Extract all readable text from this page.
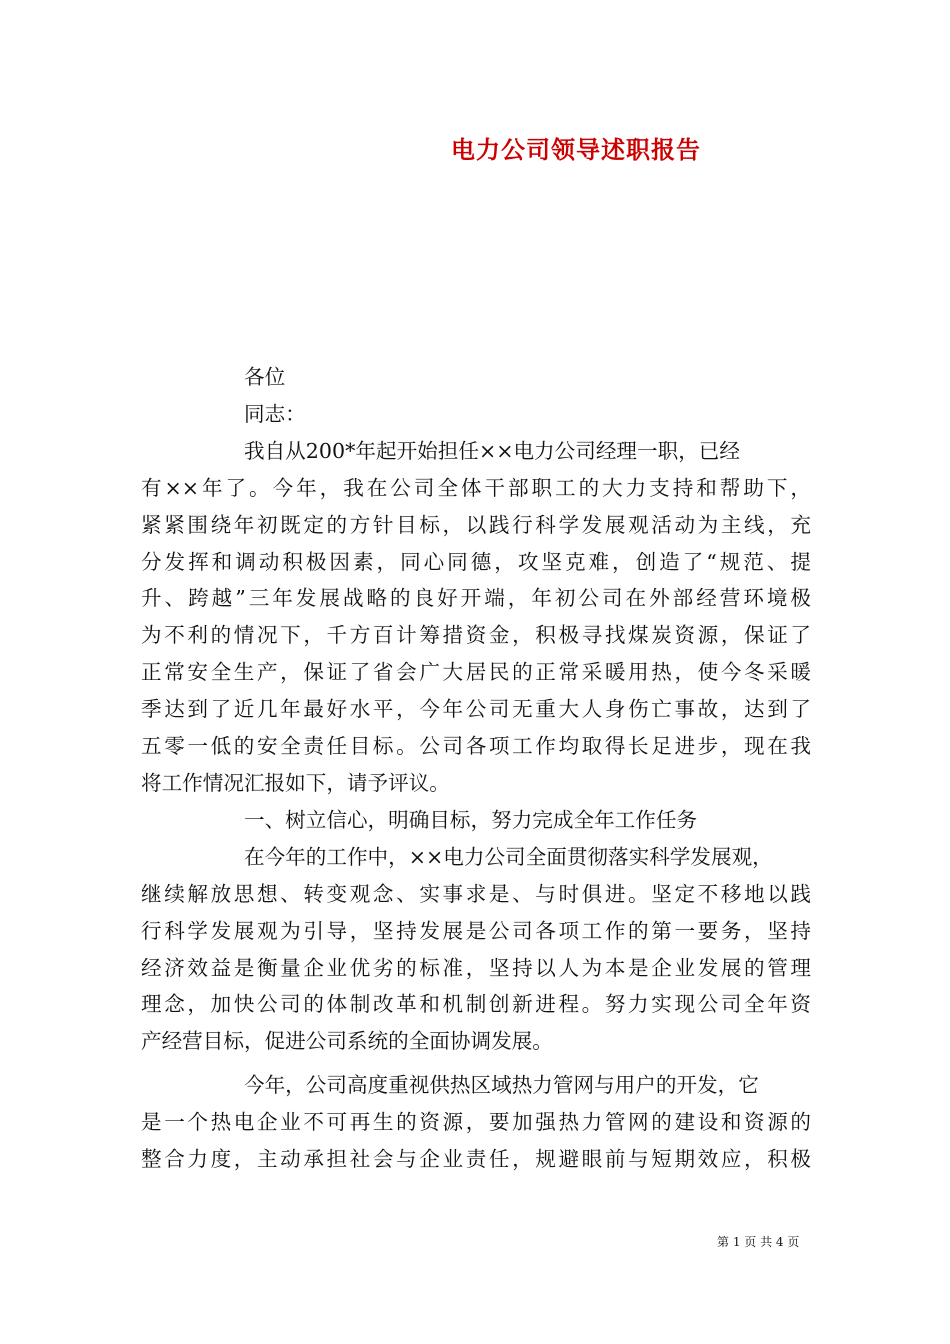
电力公司领导述职报告
各位
同志：
我自从200*年起开始担任××电力公司经理一职，已经
有××年了。今年，我在公司全体干部职工的大力支持和帮助下，
紧紧围绕年初既定的方针目标，以践行科学发展观活动为主线，充
分发挥和调动积极因素，同心同德，攻坚克难，创造了“规范、提
升、跨越”三年发展战略的良好开端，年初公司在外部经营环境极
为不利的情况下，千方百计筹措资金，积极寻找煤炭资源，保证了
正常安全生产，保证了省会广大居民的正常采暖用热，使今冬采暖
季达到了近几年最好水平，今年公司无重大人身伤亡事故，达到了
五零一低的安全责任目标。公司各项工作均取得长足进步，现在我
将工作情况汇报如下，请予评议。
一、树立信心，明确目标，努力完成全年工作任务
在今年的工作中，××电力公司全面贯彻落实科学发展观，
继续解放思想、转变观念、实事求是、与时俱进。坚定不移地以践
行科学发展观为引导，坚持发展是公司各项工作的第一要务，坚持
经济效益是衡量企业优劣的标准，坚持以人为本是企业发展的管理
理念，加快公司的体制改革和机制创新进程。努力实现公司全年资
产经营目标，促进公司系统的全面协调发展。
今年，公司高度重视供热区域热力管网与用户的开发，它
是一个热电企业不可再生的资源，要加强热力管网的建设和资源的
整合力度，主动承担社会与企业责任，规避眼前与短期效应，积极
第 1 页 共 4 页
